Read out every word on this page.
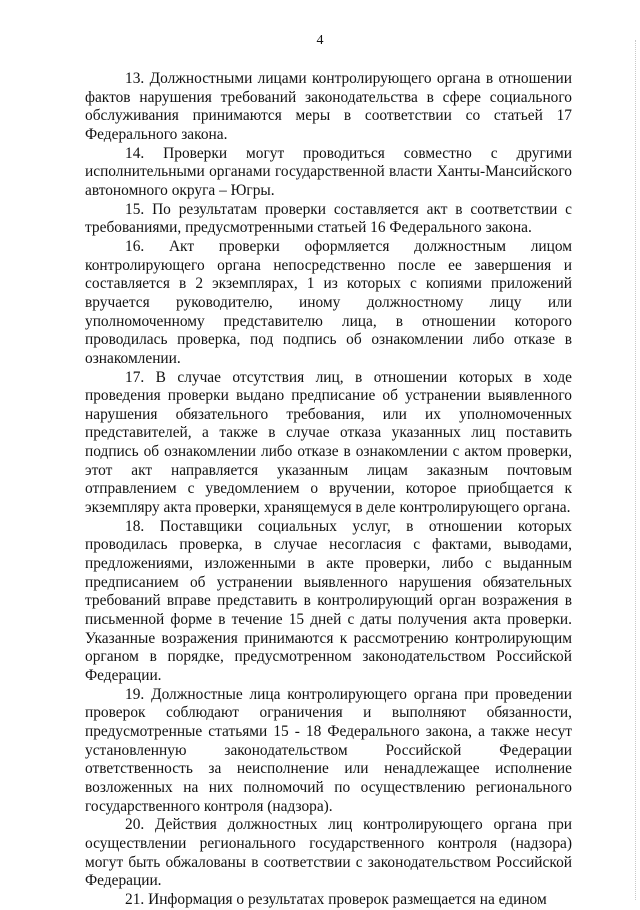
4

13. Должностными лицами контролирующего органа в отношении фактов нарушения требований законодательства в сфере социального обслуживания принимаются меры в соответствии со статьей 17 Федерального закона.

14. Проверки могут проводиться совместно с другими исполнительными органами государственной власти Ханты-Мансийского автономного округа – Югры.

15. По результатам проверки составляется акт в соответствии с требованиями, предусмотренными статьей 16 Федерального закона.

16. Акт проверки оформляется должностным лицом контролирующего органа непосредственно после ее завершения и составляется в 2 экземплярах, 1 из которых с копиями приложений вручается руководителю, иному должностному лицу или уполномоченному представителю лица, в отношении которого проводилась проверка, под подпись об ознакомлении либо отказе в ознакомлении.

17. В случае отсутствия лиц, в отношении которых в ходе проведения проверки выдано предписание об устранении выявленного нарушения обязательного требования, или их уполномоченных представителей, а также в случае отказа указанных лиц поставить подпись об ознакомлении либо отказе в ознакомлении с актом проверки, этот акт направляется указанным лицам заказным почтовым отправлением с уведомлением о вручении, которое приобщается к экземпляру акта проверки, хранящемуся в деле контролирующего органа.

18. Поставщики социальных услуг, в отношении которых проводилась проверка, в случае несогласия с фактами, выводами, предложениями, изложенными в акте проверки, либо с выданным предписанием об устранении выявленного нарушения обязательных требований вправе представить в контролирующий орган возражения в письменной форме в течение 15 дней с даты получения акта проверки. Указанные возражения принимаются к рассмотрению контролирующим органом в порядке, предусмотренном законодательством Российской Федерации.

19. Должностные лица контролирующего органа при проведении проверок соблюдают ограничения и выполняют обязанности, предусмотренные статьями 15 - 18 Федерального закона, а также несут установленную законодательством Российской Федерации ответственность за неисполнение или ненадлежащее исполнение возложенных на них полномочий по осуществлению регионального государственного контроля (надзора).

20. Действия должностных лиц контролирующего органа при осуществлении регионального государственного контроля (надзора) могут быть обжалованы в соответствии с законодательством Российской Федерации.

21. Информация о результатах проверок размещается на едином
